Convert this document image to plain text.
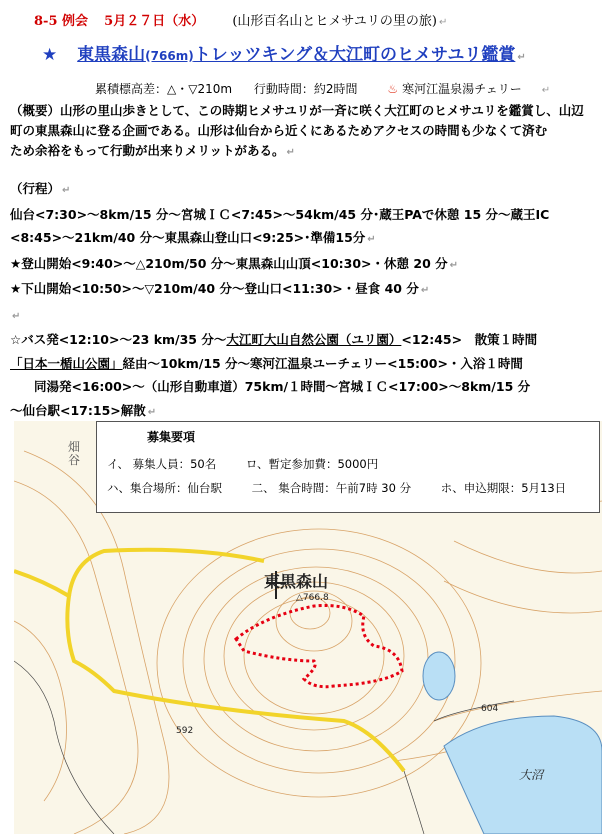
8-5 例会 5月２７日（水） (山形百名山とヒメサユリの里の旅) ↵
★ 東黒森山(766m)トレッツキング＆大江町のヒメサユリ鑑賞 ↵
累積標高差：△・▽210m 行動時間：約2時間 ♨ 寒河江温泉湯チェリー ↵
（概要）山形の里山歩きとして、この時期ヒメサユリが一斉に咲く大江町のヒメサユリを鑑賞し、山辺
町の東黒森山に登る企画である。山形は仙台から近くにあるためアクセスの時間も少なくて済む
ため余裕をもって行動が出来りメリットがある。 ↵
（行程） ↵
仙台<7:30>～8km/15 分～宮城ＩＣ<7:45>～54km/45 分･蔵王PAで休憩 15 分～蔵王IC
<8:45>～21km/40 分～東黒森山登山口<9:25>･準備15分 ↵
★登山開始<9:40>～△210m/50 分～東黒森山山頂<10:30>・休憩 20 分 ↵
★下山開始<10:50>～▽210m/40 分～登山口<11:30>・昼食 40 分 ↵
↵
☆バス発<12:10>～23 km/35 分～大江町大山自然公園（ユリ園）<12:45>　散策１時間
「日本一楯山公園」経由～10km/15 分～寒河江温泉ユーチェリー<15:00>・入浴１時間
同湯発<16:00>～（山形自動車道）75km/１時間～宮城ＩＣ<17:00>～8km/15 分
～仙台駅<17:15>解散 ↵
東黒森山
△766.8
604
592
大沼
畑谷
募集要項
イ、 募集人員：50名	ロ、暫定参加費：5000円
ハ、集合場所：仙台駅	二、 集合時間：午前7時 30 分	ホ、申込期限：5月13日
